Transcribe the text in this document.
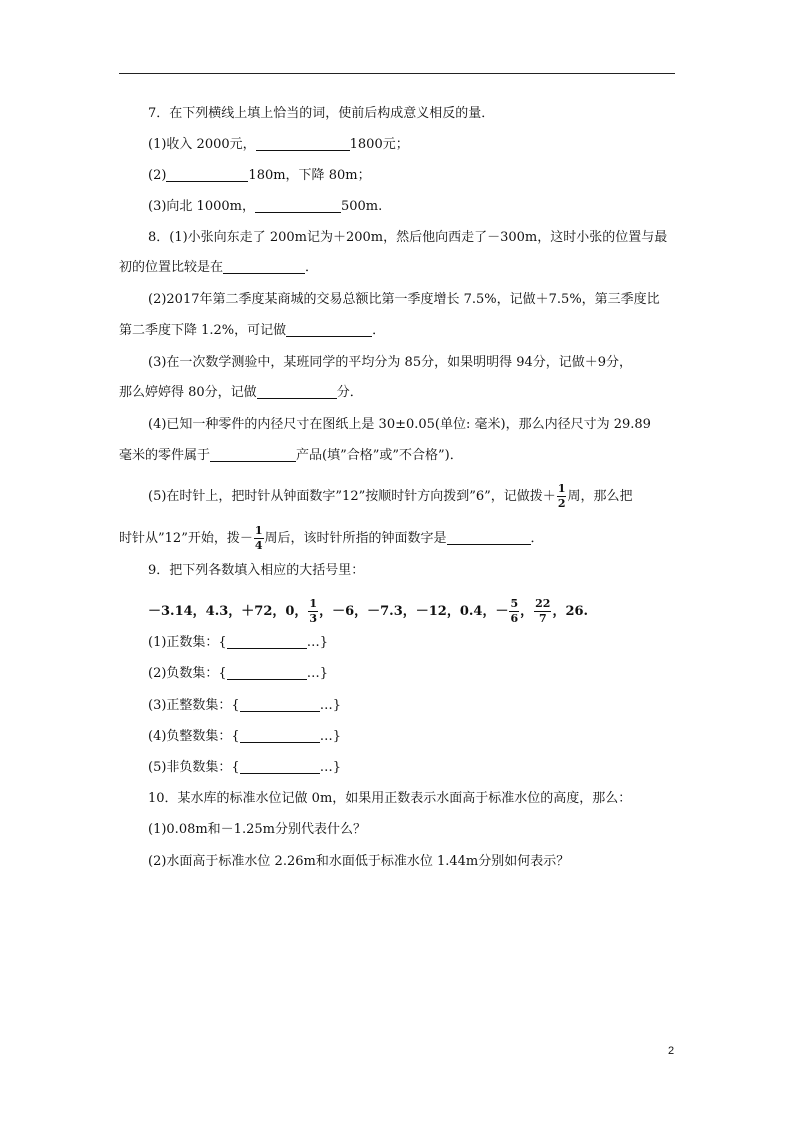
7．在下列横线上填上恰当的词，使前后构成意义相反的量．
(1)收入 2000元，	1800元；
(2)	180m，下降 80m；
(3)向北 1000m，	500m.
8．(1)小张向东走了 200m记为＋200m，然后他向西走了－300m，这时小张的位置与最
初的位置比较是在	．
(2)2017年第二季度某商城的交易总额比第一季度增长 7.5%，记做＋7.5%，第三季度比
第二季度下降 1.2%，可记做	．
(3)在一次数学测验中，某班同学的平均分为 85分，如果明明得 94分，记做＋9分，
那么婷婷得 80分，记做	分．
(4)已知一种零件的内径尺寸在图纸上是 30±0.05(单位: 毫米)，那么内径尺寸为 29.89
毫米的零件属于	产品(填”合格”或”不合格”)．
(5)在时针上，把时针从钟面数字”12”按顺时针方向拨到”6”，记做拨＋ $\frac{1}{2}$ 周，那么把
时针从”12”开始，拨－ $\frac{1}{4}$ 周后，该时针所指的钟面数字是	．
9．把下列各数填入相应的大括号里：
－3.14，4.3，＋72，0， $\frac{1}{3}$ ，－6，－7.3，－12，0.4，－ $\frac{5}{6}$ ， $\frac{22}{7}$ ，26.
(1)正数集：{	…}
(2)负数集：{	…}
(3)正整数集：{	…}
(4)负整数集：{	…}
(5)非负数集：{	…}
10．某水库的标准水位记做 0m，如果用正数表示水面高于标准水位的高度，那么：
(1)0.08m和－1.25m分别代表什么？
(2)水面高于标准水位 2.26m和水面低于标准水位 1.44m分别如何表示？
2
